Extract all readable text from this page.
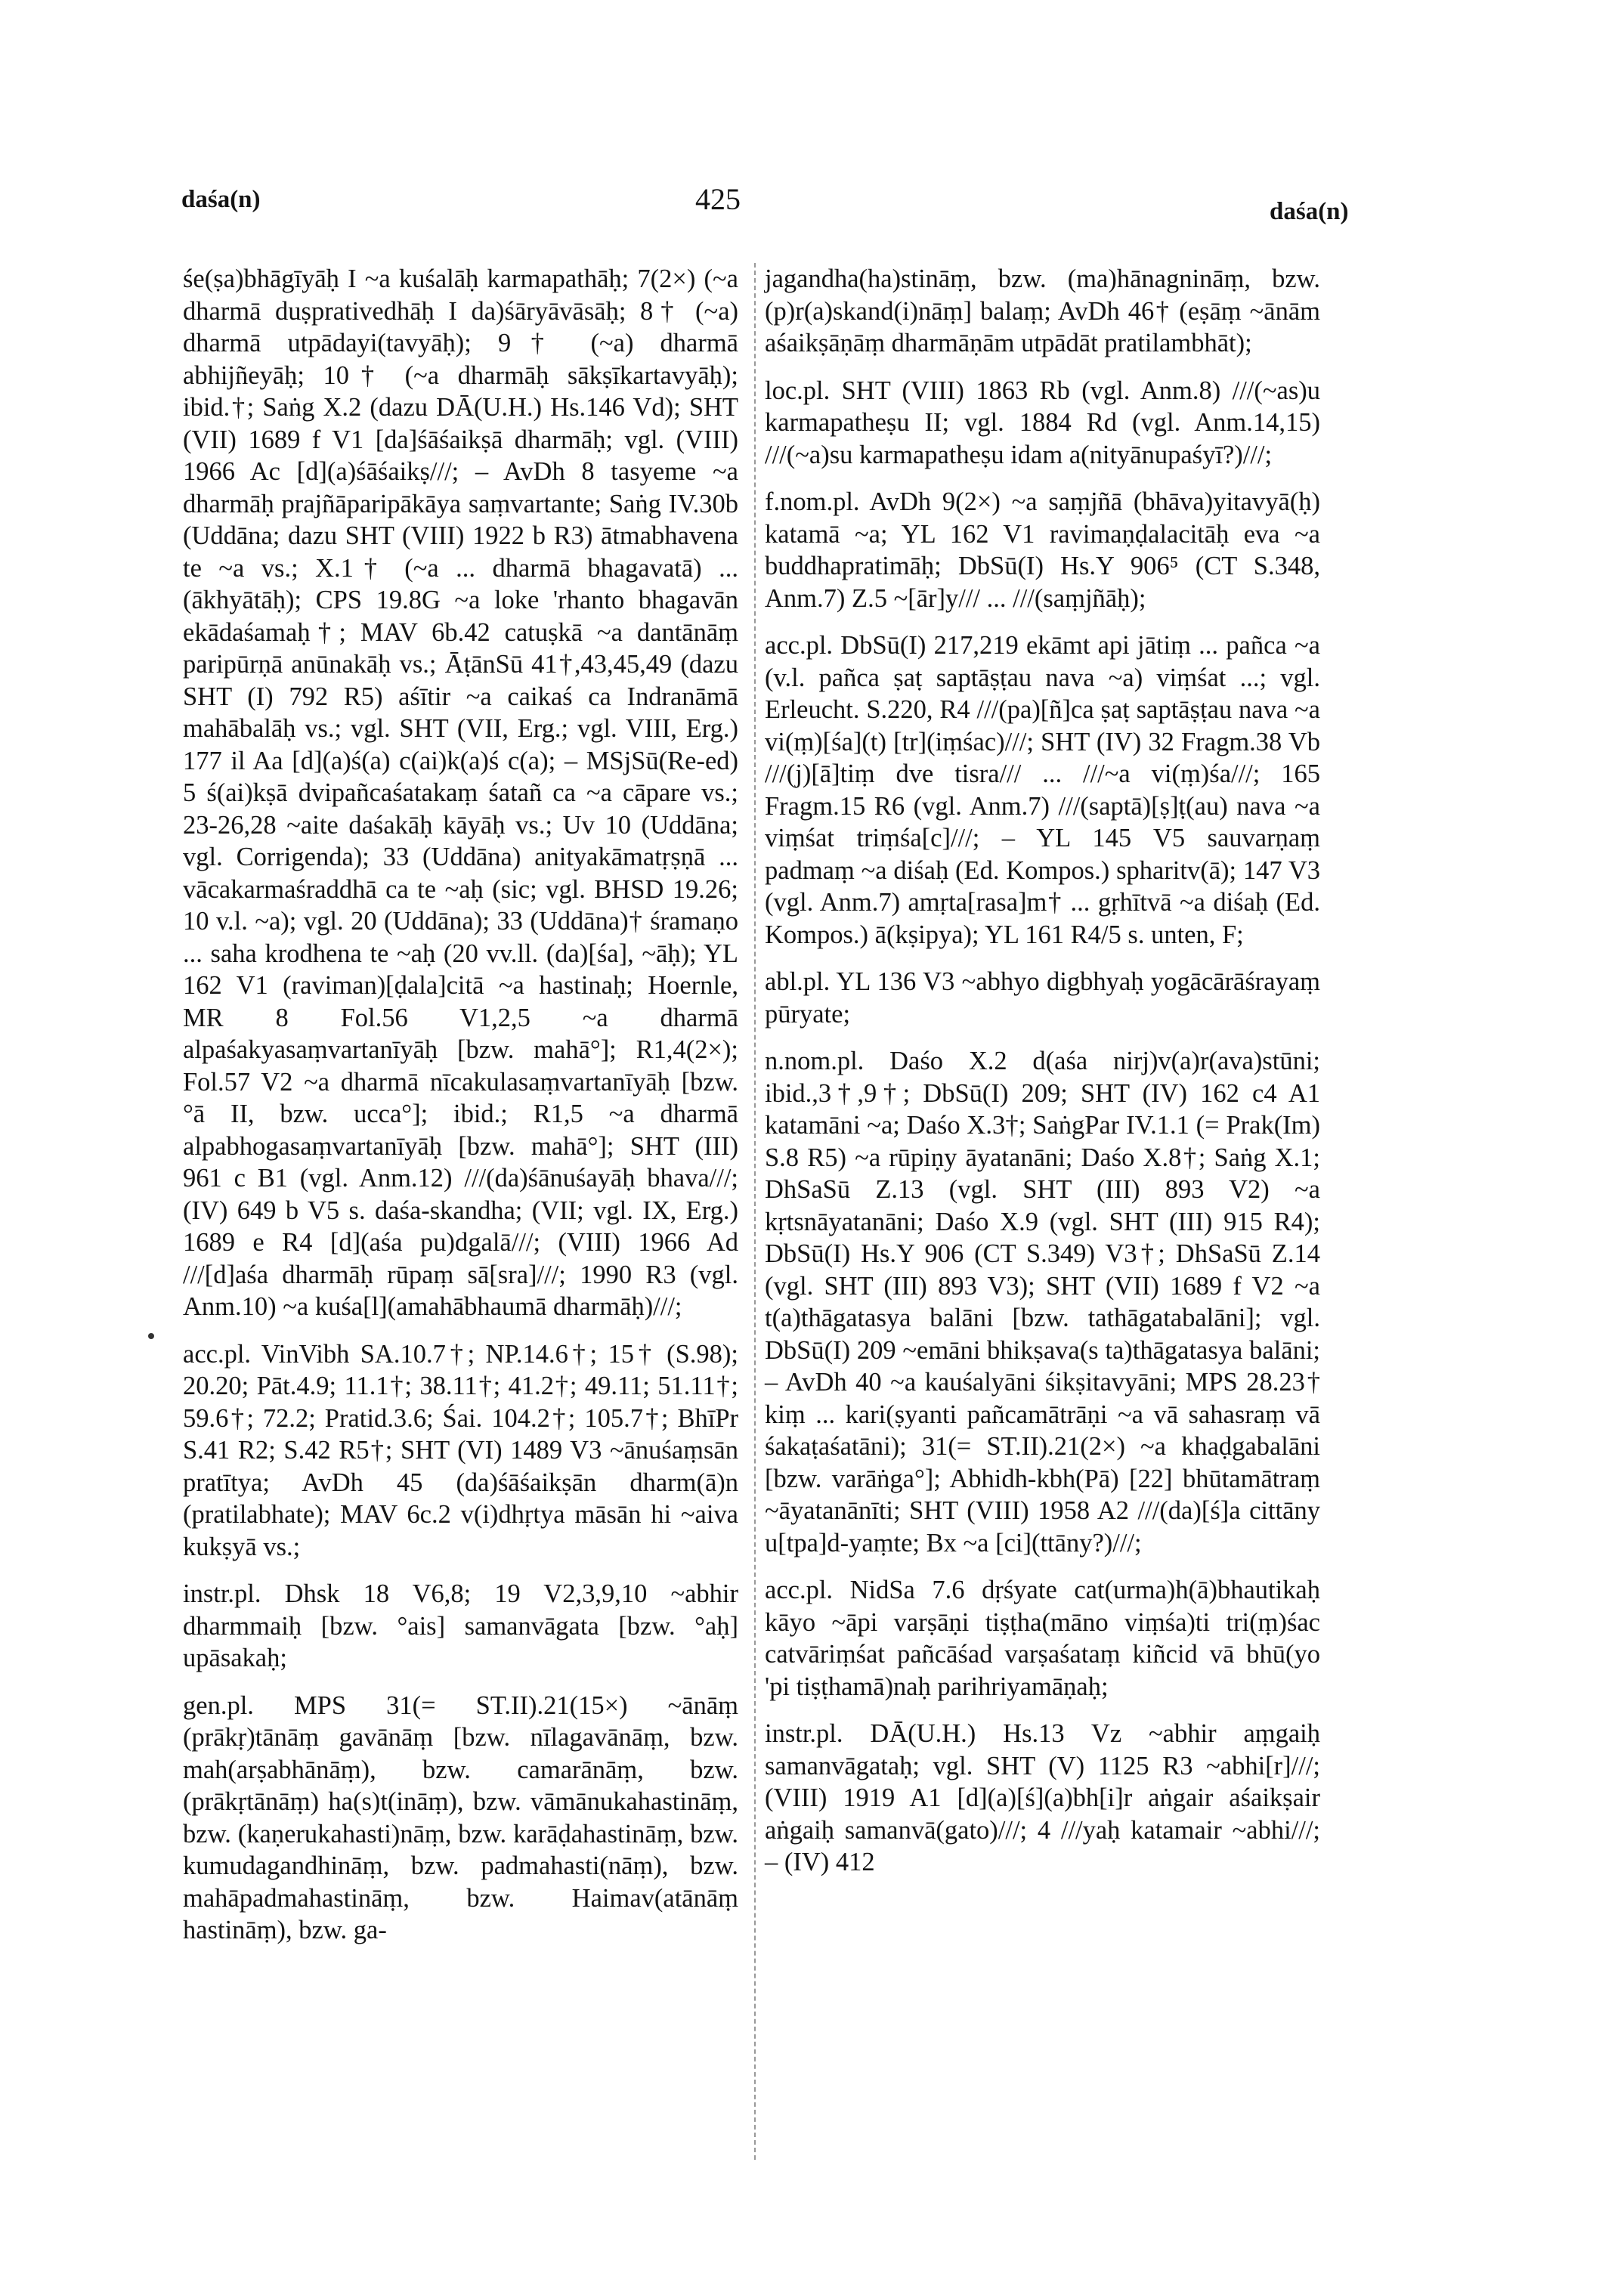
daśa(n)	425	daśa(n)

śe(ṣa)bhāgīyāḥ I ~a kuśalāḥ karmapathāḥ; 7(2×) (~a dharmā duṣprativedhāḥ I da)śāryāvāsāḥ; 8† (~a) dharmā utpādayi(tavyāḥ); 9† (~a) dharmā abhijñeyāḥ; 10† (~a dharmāḥ sākṣīkartavyāḥ); ibid.†; Saṅg X.2 (dazu DĀ(U.H.) Hs.146 Vd); SHT (VII) 1689 f V1 [da]śāśaikṣā dharmāḥ; vgl. (VIII) 1966 Ac [d](a)śāśaikṣ///; – AvDh 8 tasyeme ~a dharmāḥ prajñāparipākāya saṃvartante; Saṅg IV.30b (Uddāna; dazu SHT (VIII) 1922 b R3) ātmabhavena te ~a vs.; X.1† (~a ... dharmā bhagavatā) ... (ākhyātāḥ); CPS 19.8G ~a loke 'rhanto bhagavān ekādaśamaḥ†; MAV 6b.42 catuṣkā ~a dantānāṃ paripūrṇā anūnakāḥ vs.; ĀṭānSū 41†,43,45,49 (dazu SHT (I) 792 R5) aśītir ~a caikaś ca Indranāmā mahābalāḥ vs.; vgl. SHT (VII, Erg.; vgl. VIII, Erg.) 177 il Aa [d](a)ś(a) c(ai)k(a)ś c(a); – MSjSū(Re-ed) 5 ś(ai)kṣā dvipañcaśatakaṃ śatañ ca ~a cāpare vs.; 23-26,28 ~aite daśakāḥ kāyāḥ vs.; Uv 10 (Uddāna; vgl. Corrigenda); 33 (Uddāna) anityakāmatṛṣṇā ... vācakarmaśraddhā ca te ~aḥ (sic; vgl. BHSD 19.26; 10 v.l. ~a); vgl. 20 (Uddāna); 33 (Uddāna)† śramaṇo ... saha krodhena te ~aḥ (20 vv.ll. (da)[śa], ~āḥ); YL 162 V1 (raviman)[ḍala]citā ~a hastinaḥ; Hoernle, MR 8 Fol.56 V1,2,5 ~a dharmā alpaśakyasaṃvartanīyāḥ [bzw. mahā°]; R1,4(2×); Fol.57 V2 ~a dharmā nīcakulasaṃvartanīyāḥ [bzw. °ā II, bzw. ucca°]; ibid.; R1,5 ~a dharmā alpabhogasaṃvartanīyāḥ [bzw. mahā°]; SHT (III) 961 c B1 (vgl. Anm.12) ///(da)śānuśayāḥ bhava///; (IV) 649 b V5 s. daśa-skandha; (VII; vgl. IX, Erg.) 1689 e R4 [d](aśa pu)dgalā///; (VIII) 1966 Ad ///[d]aśa dharmāḥ rūpaṃ sā[sra]///; 1990 R3 (vgl. Anm.10) ~a kuśa[l](amahābhaumā dharmāḥ)///;

acc.pl. VinVibh SA.10.7†; NP.14.6†; 15† (S.98); 20.20; Pāt.4.9; 11.1†; 38.11†; 41.2†; 49.11; 51.11†; 59.6†; 72.2; Pratid.3.6; Śai. 104.2†; 105.7†; BhīPr S.41 R2; S.42 R5†; SHT (VI) 1489 V3 ~ānuśaṃsān pratītya; AvDh 45 (da)śāśaikṣān dharm(ā)n (pratilabhate); MAV 6c.2 v(i)dhṛtya māsān hi ~aiva kukṣyā vs.;

instr.pl. Dhsk 18 V6,8; 19 V2,3,9,10 ~abhir dharmmaiḥ [bzw. °ais] samanvāgata [bzw. °aḥ] upāsakaḥ;

gen.pl. MPS 31(= ST.II).21(15×) ~ānāṃ (prākṛ)tānāṃ gavānāṃ [bzw. nīlagavānāṃ, bzw. mah(arṣabhānāṃ), bzw. camarānāṃ, bzw. (prākṛtānāṃ) ha(s)t(ināṃ), bzw. vāmānukahastināṃ, bzw. (kaṇerukahasti)nāṃ, bzw. karāḍahastināṃ, bzw. kumudagandhināṃ, bzw. padmahasti(nāṃ), bzw. mahāpadmahastināṃ, bzw. Haimav(atānāṃ hastināṃ), bzw. ga-

jagandha(ha)stināṃ, bzw. (ma)hānagnināṃ, bzw. (p)r(a)skand(i)nāṃ] balaṃ; AvDh 46† (eṣāṃ ~ānām aśaikṣāṇāṃ dharmāṇām utpādāt pratilambhāt);

loc.pl. SHT (VIII) 1863 Rb (vgl. Anm.8) ///(~as)u karmapatheṣu II; vgl. 1884 Rd (vgl. Anm.14,15) ///(~a)su karmapatheṣu idam a(nityānupaśyī?)///;

f.nom.pl. AvDh 9(2×) ~a saṃjñā (bhāva)yitavyā(ḥ) katamā ~a; YL 162 V1 ravimaṇḍalacitāḥ eva ~a buddhapratimāḥ; DbSū(I) Hs.Y 906⁵ (CT S.348, Anm.7) Z.5 ~[ār]y/// ... ///(saṃjñāḥ);

acc.pl. DbSū(I) 217,219 ekāmt api jātiṃ ... pañca ~a (v.l. pañca ṣaṭ saptāṣṭau nava ~a) viṃśat ...; vgl. Erleucht. S.220, R4 ///(pa)[ñ]ca ṣaṭ saptāṣṭau nava ~a vi(ṃ)[śa](t) [tr](iṃśac)///; SHT (IV) 32 Fragm.38 Vb ///(j)[ā]tiṃ dve tisra/// ... ///~a vi(ṃ)śa///; 165 Fragm.15 R6 (vgl. Anm.7) ///(saptā)[ṣ]ṭ(au) nava ~a viṃśat triṃśa[c]///; – YL 145 V5 sauvarṇaṃ padmaṃ ~a diśaḥ (Ed. Kompos.) spharitv(ā); 147 V3 (vgl. Anm.7) amṛta[rasa]m† ... gṛhītvā ~a diśaḥ (Ed. Kompos.) ā(kṣipya); YL 161 R4/5 s. unten, F;

abl.pl. YL 136 V3 ~abhyo digbhyaḥ yogācārāśrayaṃ pūryate;

n.nom.pl. Daśo X.2 d(aśa nirj)v(a)r(ava)stūni; ibid.,3†,9†; DbSū(I) 209; SHT (IV) 162 c4 A1 katamāni ~a; Daśo X.3†; SaṅgPar IV.1.1 (= Prak(Im) S.8 R5) ~a rūpiṇy āyatanāni; Daśo X.8†; Saṅg X.1; DhSaSū Z.13 (vgl. SHT (III) 893 V2) ~a kṛtsnāyatanāni; Daśo X.9 (vgl. SHT (III) 915 R4); DbSū(I) Hs.Y 906 (CT S.349) V3†; DhSaSū Z.14 (vgl. SHT (III) 893 V3); SHT (VII) 1689 f V2 ~a t(a)thāgatasya balāni [bzw. tathāgatabalāni]; vgl. DbSū(I) 209 ~emāni bhikṣava(s ta)thāgatasya balāni; – AvDh 40 ~a kauśalyāni śikṣitavyāni; MPS 28.23† kiṃ ... kari(ṣyanti pañcamātrāṇi ~a vā sahasraṃ vā śakaṭaśatāni); 31(= ST.II).21(2×) ~a khaḍgabalāni [bzw. varāṅga°]; Abhidh-kbh(Pā) [22] bhūtamātraṃ ~āyatanānīti; SHT (VIII) 1958 A2 ///(da)[ś]a cittāny u[tpa]d-yaṃte; Bx ~a [ci](ttāny?)///;

acc.pl. NidSa 7.6 dṛśyate cat(urma)h(ā)bhautikaḥ kāyo ~āpi varṣāṇi tiṣṭha(māno viṃśa)ti tri(ṃ)śac catvāriṃśat pañcāśad varṣaśataṃ kiñcid vā bhū(yo 'pi tiṣṭhamā)naḥ parihriyamāṇaḥ;

instr.pl. DĀ(U.H.) Hs.13 Vz ~abhir aṃgaiḥ samanvāgataḥ; vgl. SHT (V) 1125 R3 ~abhi[r]///; (VIII) 1919 A1 [d](a)[ś](a)bh[i]r aṅgair aśaikṣair aṅgaiḥ samanvā(gato)///; 4 ///yaḥ katamair ~abhi///; – (IV) 412
